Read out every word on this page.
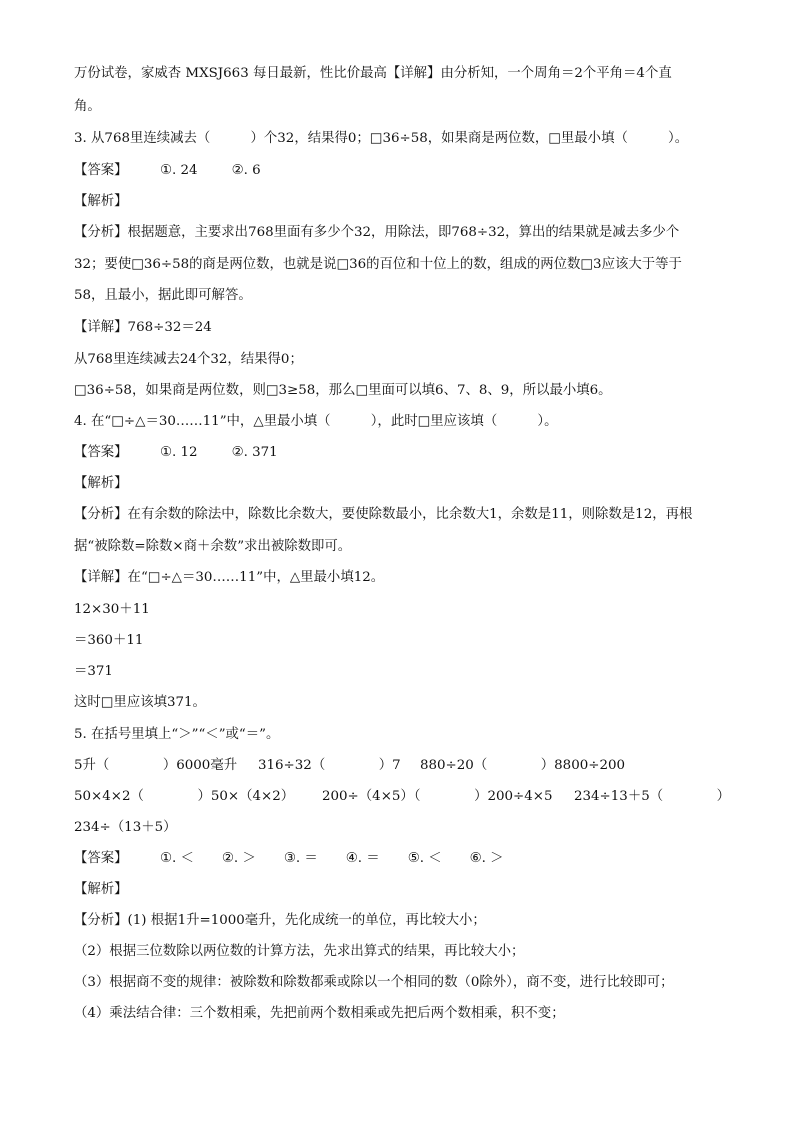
万份试卷，家威杏 MXSJ663 每日最新，性比价最高【详解】由分析知，一个周角＝2个平角＝4个直
角。
3. 从768里连续减去（　　　）个32，结果得0；□36÷58，如果商是两位数，□里最小填（　　　）。
【答案】 ①. 24	②. 6
【解析】
【分析】根据题意，主要求出768里面有多少个32，用除法，即768÷32，算出的结果就是减去多少个
32；要使□36÷58的商是两位数，也就是说□36的百位和十位上的数，组成的两位数□3应该大于等于
58，且最小，据此即可解答。
【详解】768÷32＝24
从768里连续减去24个32，结果得0；
□36÷58，如果商是两位数，则□3≥58，那么□里面可以填6、7、8、9，所以最小填6。
4. 在“□÷△＝30……11”中，△里最小填（　　　），此时□里应该填（　　　）。
【答案】 ①. 12	②. 371
【解析】
【分析】在有余数的除法中，除数比余数大，要使除数最小，比余数大1，余数是11，则除数是12，再根
据“被除数=除数×商＋余数”求出被除数即可。
【详解】在“□÷△＝30……11”中，△里最小填12。
12×30＋11
＝360＋11
＝371
这时□里应该填371。
5. 在括号里填上“＞”“＜”或“＝”。
5升（　　　　）6000毫升 316÷32（　　　　）7 880÷20（　　　　）8800÷200
50×4×2（　　　　）50×（4×2） 200÷（4×5）（　　　　）200÷4×5 234÷13＋5（　　　　）
234÷（13＋5）
【答案】 ①. ＜ ②. ＞ ③. ＝ ④. ＝ ⑤. ＜ ⑥. ＞
【解析】
【分析】(1) 根据1升=1000毫升，先化成统一的单位，再比较大小；
（2）根据三位数除以两位数的计算方法，先求出算式的结果，再比较大小；
（3）根据商不变的规律：被除数和除数都乘或除以一个相同的数（0除外），商不变，进行比较即可；
（4）乘法结合律：三个数相乘，先把前两个数相乘或先把后两个数相乘，积不变；
